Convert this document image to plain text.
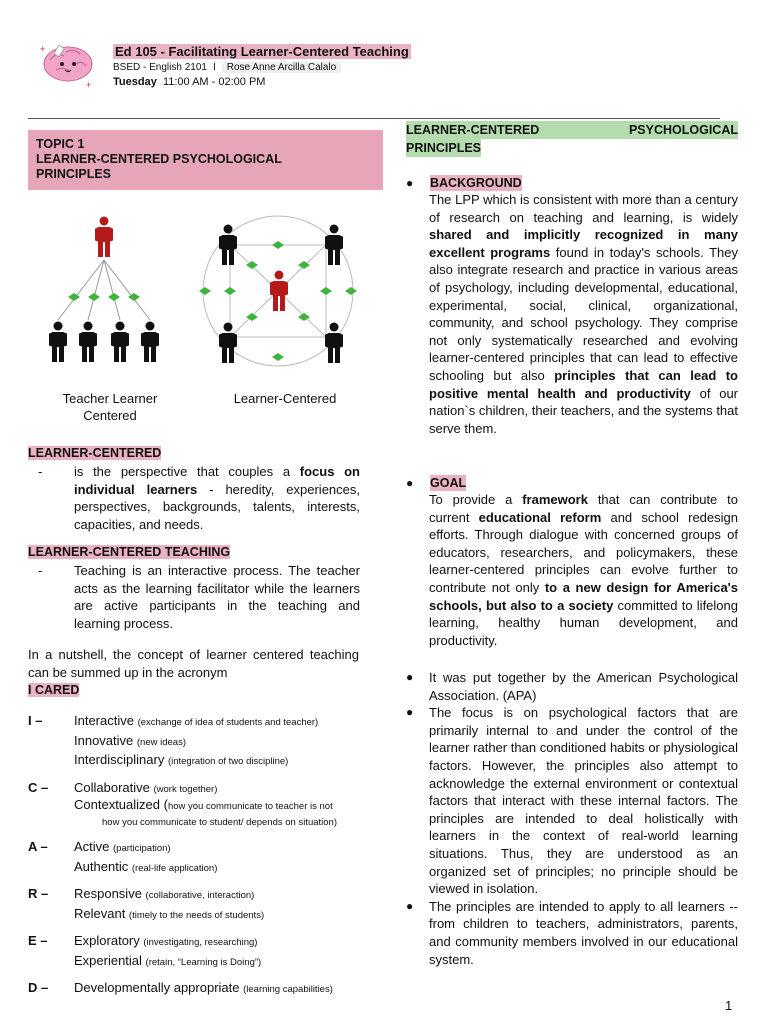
+
+
Ed 105 - Facilitating Learner-Centered Teaching
BSED - English 2101 I Rose Anne Arcilla Calalo
Tuesday 11:00 AM - 02:00 PM
TOPIC 1
LEARNER-CENTERED PSYCHOLOGICAL
PRINCIPLES
Teacher Learner Centered
Learner-Centered
LEARNER-CENTERED
-	is the perspective that couples a focus on individual learners - heredity, experiences, perspectives, backgrounds, talents, interests, capacities, and needs.
LEARNER-CENTERED TEACHING
-	Teaching is an interactive process. The teacher acts as the learning facilitator while the learners are active participants in the teaching and learning process.
In a nutshell, the concept of learner centered teaching can be summed up in the acronym
I CARED
I –	Interactive (exchange of idea of students and teacher)
Innovative (new ideas)
Interdisciplinary (integration of two discipline)
C –	Collaborative (work together)
Contextualized (how you communicate to teacher is not
how you communicate to student/ depends on situation)
A –	Active (participation)
Authentic (real-life application)
R –	Responsive (collaborative, interaction)
Relevant (timely to the needs of students)
E –	Exploratory (investigating, researching)
Experiential (retain, “Learning is Doing”)
D –	Developmentally appropriate (learning capabilities)
LEARNER-CENTERED	PSYCHOLOGICAL
PRINCIPLES
●	BACKGROUND
The LPP which is consistent with more than a century of research on teaching and learning, is widely shared and implicitly recognized in many excellent programs found in today's schools. They also integrate research and practice in various areas of psychology, including developmental, educational, experimental, social, clinical, organizational, community, and school psychology. They comprise not only systematically researched and evolving learner-centered principles that can lead to effective schooling but also principles that can lead to positive mental health and productivity of our nation`s children, their teachers, and the systems that serve them.
●	GOAL
To provide a framework that can contribute to current educational reform and school redesign efforts. Through dialogue with concerned groups of educators, researchers, and policymakers, these learner-centered principles can evolve further to contribute not only to a new design for America's schools, but also to a society committed to lifelong learning, healthy human development, and productivity.
●	It was put together by the American Psychological Association. (APA)
●	The focus is on psychological factors that are primarily internal to and under the control of the learner rather than conditioned habits or physiological factors. However, the principles also attempt to acknowledge the external environment or contextual factors that interact with these internal factors. The principles are intended to deal holistically with learners in the context of real-world learning situations. Thus, they are understood as an organized set of principles; no principle should be viewed in isolation.
●	The principles are intended to apply to all learners -- from children to teachers, administrators, parents, and community members involved in our educational system.
1
